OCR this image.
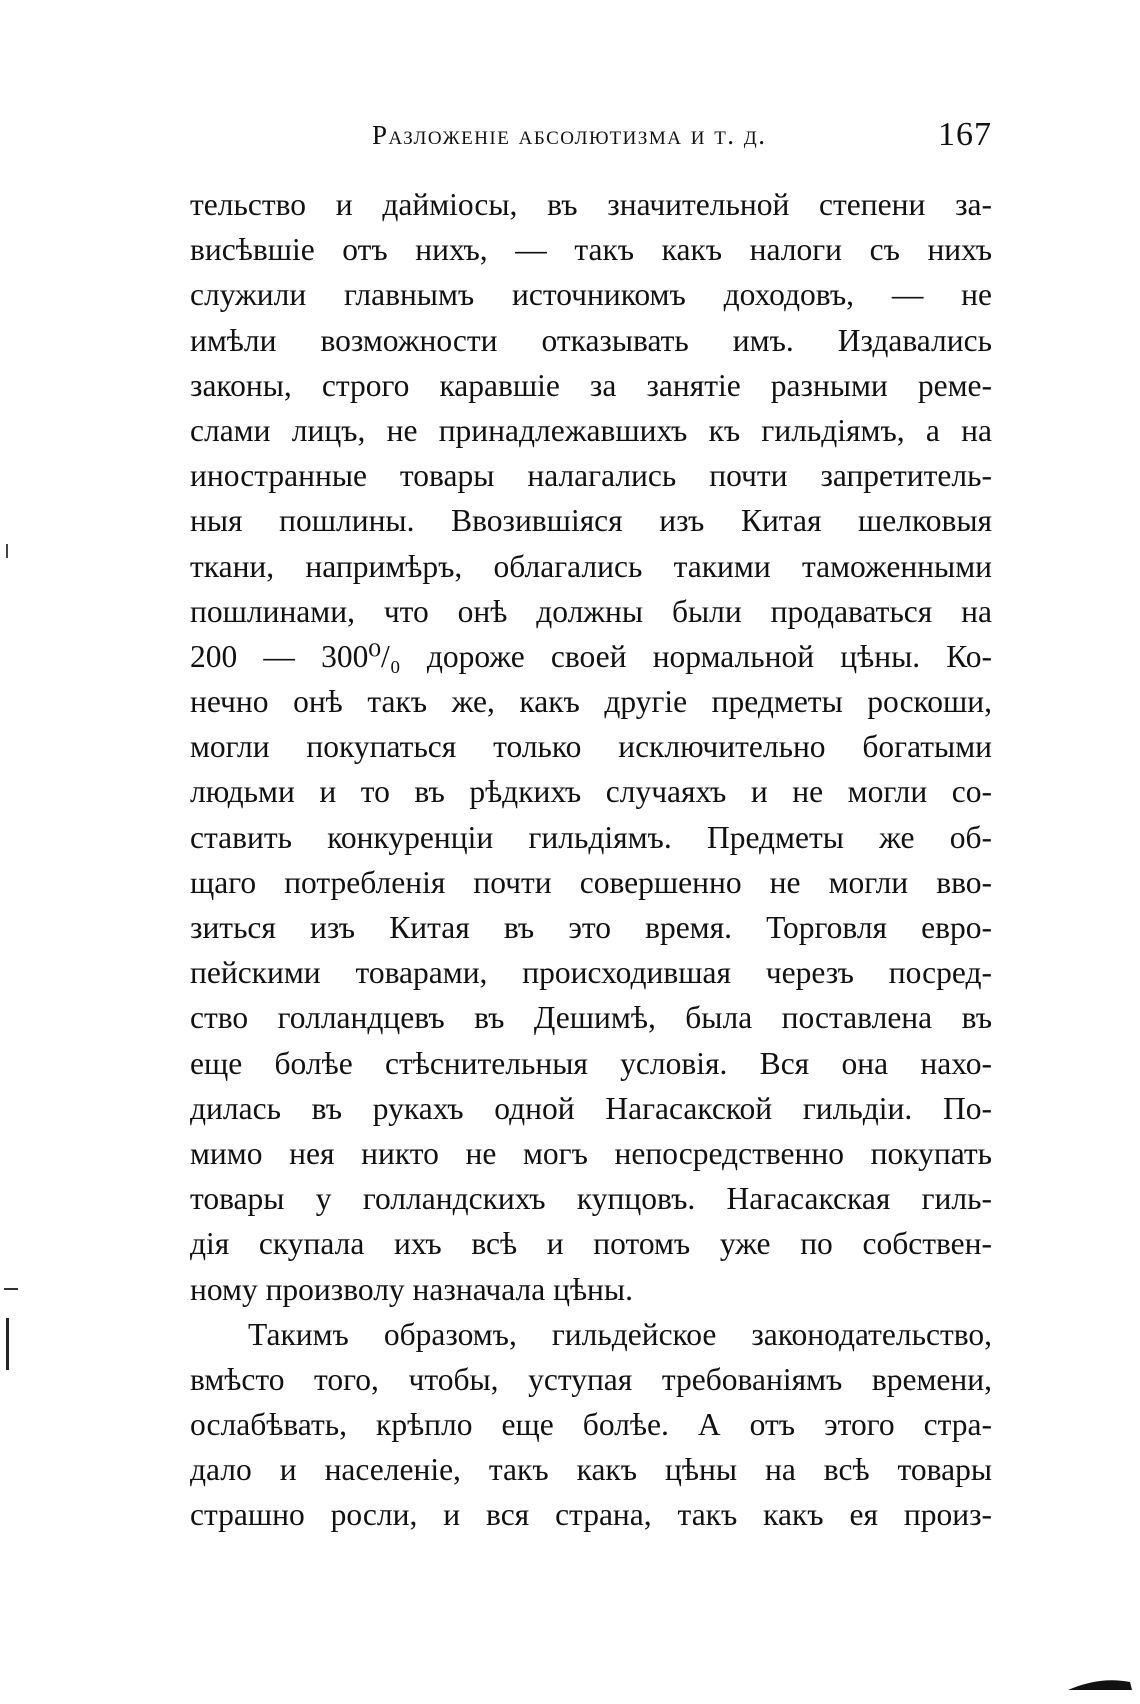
Разложенiе абсолютизма и т. д.	167
тельство и даймiосы, въ значительной степени за-
висѣвшiе отъ нихъ, — такъ какъ налоги съ нихъ
служили главнымъ источникомъ доходовъ, — не
имѣли возможности отказывать имъ. Издавались
законы, строго каравшiе за занятiе разными реме-
слами лицъ, не принадлежавшихъ къ гильдiямъ, а на
иностранные товары налагались почти запретитель-
ныя пошлины. Ввозившiяся изъ Китая шелковыя
ткани, напримѣръ, облагались такими таможенными
пошлинами, что онѣ должны были продаваться на
200 — 300⁰/₀ дороже своей нормальной цѣны. Ко-
нечно онѣ такъ же, какъ другiе предметы роскоши,
могли покупаться только исключительно богатыми
людьми и то въ рѣдкихъ случаяхъ и не могли со-
ставить конкуренцiи гильдiямъ. Предметы же об-
щаго потребленiя почти совершенно не могли вво-
зиться изъ Китая въ это время. Торговля евро-
пейскими товарами, происходившая черезъ посред-
ство голландцевъ въ Дешимѣ, была поставлена въ
еще болѣе стѣснительныя условiя. Вся она нахо-
дилась въ рукахъ одной Нагасакской гильдiи. По-
мимо нея никто не могъ непосредственно покупать
товары у голландскихъ купцовъ. Нагасакская гиль-
дiя скупала ихъ всѣ и потомъ уже по собствен-
ному произволу назначала цѣны.
Такимъ образомъ, гильдейское законодательство,
вмѣсто того, чтобы, уступая требованiямъ времени,
ослабѣвать, крѣпло еще болѣе. А отъ этого стра-
дало и населенiе, такъ какъ цѣны на всѣ товары
страшно росли, и вся страна, такъ какъ ея произ-
